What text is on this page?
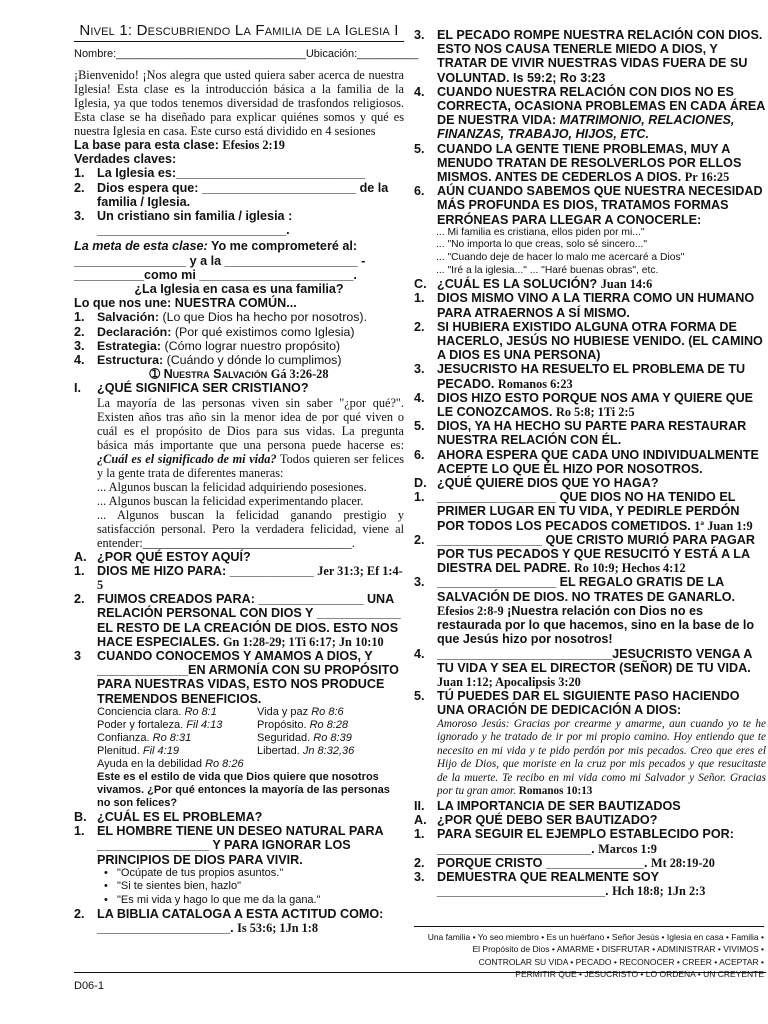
Nivel 1: Descubriendo La Familia de la Iglesia I
Nombre:_______________________________Ubicación:__________
¡Bienvenido! ¡Nos alegra que usted quiera saber acerca de nuestra Iglesia! Esta clase es la introducción básica a la familia de la Iglesia, ya que todos tenemos diversidad de trasfondos religiosos. Esta clase se ha diseñado para explicar quiénes somos y qué es nuestra Iglesia en casa. Este curso está dividido en 4 sesiones
La base para esta clase: Efesios 2:19
Verdades claves:
1. La Iglesia es:___________________________
2. Dios espera que: ______________________ de la familia / Iglesia.
3. Un cristiano sin familia / iglesia : ___________________________.
La meta de esta clase: Yo me comprometeré al:
________________ y a la ___________________ -
__________como mi ______________________.
¿La Iglesia en casa es una familia?
Lo que nos une: NUESTRA COMÚN...
1.	Salvación: (Lo que Dios ha hecho por nosotros).
2.	Declaración: (Por qué existimos como Iglesia)
3.	Estrategia: (Cómo lograr nuestro propósito)
4.	Estructura: (Cuándo y dónde lo cumplimos)
➀ Nuestra Salvación Gá 3:26-28
I.	¿QUÉ SIGNIFICA SER CRISTIANO?
La mayoría de las personas viven sin saber "¿por qué?". Existen años tras año sin la menor idea de por qué viven o cuál es el propósito de Dios para sus vidas. La pregunta básica más importante que una persona puede hacerse es: ¿Cuál es el significado de mi vida? Todos quieren ser felices y la gente trata de diferentes maneras:
... Algunos buscan la felicidad adquiriendo posesiones.
... Algunos buscan la felicidad experimentando placer.
... Algunos buscan la felicidad ganando prestigio y satisfacción personal. Pero la verdadera felicidad, viene al entender:__________________________________.
A. ¿POR QUÉ ESTOY AQUÍ?
1. DIOS ME HIZO PARA: ____________ Jer 31:3; Ef 1:4-5
2. FUIMOS CREADOS PARA: _______________ UNA RELACIÓN PERSONAL CON DIOS Y ____________ EL RESTO DE LA CREACIÓN DE DIOS. ESTO NOS HACE ESPECIALES. Gn 1:28-29; 1Ti 6:17; Jn 10:10
3	CUANDO CONOCEMOS Y AMAMOS A DIOS, Y _____________EN ARMONÍA CON SU PROPÓSITO PARA NUESTRAS VIDAS, ESTO NOS PRODUCE TREMENDOS BENEFICIOS.
Conciencia clara. Ro 8:1	Vida y paz Ro 8:6
Poder y fortaleza. Fil 4:13	Propósito. Ro 8:28
Confianza. Ro 8:31	Seguridad. Ro 8:39
Plenitud. Fil 4:19	Libertad. Jn 8:32,36
Ayuda en la debilidad Ro 8:26
Este es el estilo de vida que Dios quiere que nosotros vivamos. ¿Por qué entonces la mayoría de las personas no son felices?
B. ¿CUÁL ES EL PROBLEMA?
1. EL HOMBRE TIENE UN DESEO NATURAL PARA ________________ Y PARA IGNORAR LOS PRINCIPIOS DE DIOS PARA VIVIR.
•   "Ocúpate de tus propios asuntos."
•   "Si te sientes bien, hazlo"
•   "Es mi vida y hago lo que me da la gana."
2. LA BIBLIA CATALOGA A ESTA ACTITUD COMO: ___________________. Is 53:6; 1Jn 1:8
3. EL PECADO ROMPE NUESTRA RELACIÓN CON DIOS. ESTO NOS CAUSA TENERLE MIEDO A DIOS, Y TRATAR DE VIVIR NUESTRAS VIDAS FUERA DE SU VOLUNTAD. Is 59:2; Ro 3:23
4. CUANDO NUESTRA RELACIÓN CON DIOS NO ES CORRECTA, OCASIONA PROBLEMAS EN CADA ÁREA DE NUESTRA VIDA: MATRIMONIO, RELACIONES, FINANZAS, TRABAJO, HIJOS, ETC.
5. CUANDO LA GENTE TIENE PROBLEMAS, MUY A MENUDO TRATAN DE RESOLVERLOS POR ELLOS MISMOS. ANTES DE CEDERLOS A DIOS. Pr 16:25
6. AÚN CUANDO SABEMOS QUE NUESTRA NECESIDAD MÁS PROFUNDA ES DIOS, TRATAMOS FORMAS ERRÓNEAS PARA LLEGAR A CONOCERLE:
... Mi familia es cristiana, ellos piden por mi..."
... "No importa lo que creas, solo sé sincero..."
... "Cuando deje de hacer lo malo me acercaré a Dios"
... "Iré a la iglesia..." ... "Haré buenas obras", etc.
C. ¿CUÁL ES LA SOLUCIÓN? Juan 14:6
1. DIOS MISMO VINO A LA TIERRA COMO UN HUMANO PARA ATRAERNOS A SÍ MISMO.
2. SI HUBIERA EXISTIDO ALGUNA OTRA FORMA DE HACERLO, JESÚS NO HUBIESE VENIDO. (EL CAMINO A DIOS ES UNA PERSONA)
3. JESUCRISTO HA RESUELTO EL PROBLEMA DE TU PECADO. Romanos 6:23
4. DIOS HIZO ESTO PORQUE NOS AMA Y QUIERE QUE LE CONOZCAMOS. Ro 5:8; 1Ti 2:5
5. DIOS, YA HA HECHO SU PARTE PARA RESTAURAR NUESTRA RELACIÓN CON ÉL.
6. AHORA ESPERA QUE CADA UNO INDIVIDUALMENTE ACEPTE LO QUE ÉL HIZO POR NOSOTROS.
D. ¿QUÉ QUIERE DIOS QUE YO HAGA?
1. _________________ QUE DIOS NO HA TENIDO EL PRIMER LUGAR EN TU VIDA, Y PEDIRLE PERDÓN POR TODOS LOS PECADOS COMETIDOS. 1ª Juan 1:9
2. _______________ QUE CRISTO MURIÓ PARA PAGAR POR TUS PECADOS Y QUE RESUCITÓ Y ESTÁ A LA DIESTRA DEL PADRE. Ro 10:9; Hechos 4:12
3. _________________ EL REGALO GRATIS DE LA SALVACIÓN DE DIOS. NO TRATES DE GANARLO.
Efesios 2:8-9 ¡Nuestra relación con Dios no es restaurada por lo que hacemos, sino en la base de lo que Jesús hizo por nosotros!
4. _________________________JESUCRISTO VENGA A TU VIDA Y SEA EL DIRECTOR (SEÑOR) DE TU VIDA. Juan 1:12; Apocalipsis 3:20
5. TÚ PUEDES DAR EL SIGUIENTE PASO HACIENDO UNA ORACIÓN DE DEDICACIÓN A DIOS:
Amoroso Jesús: Gracias por crearme y amarme, aun cuando yo te he ignorado y he tratado de ir por mi propio camino. Hoy entiendo que te necesito en mi vida y te pido perdón por mis pecados. Creo que eres el Hijo de Dios, que moriste en la cruz por mis pecados y que resucitaste de la muerte. Te recibo en mi vida como mi Salvador y Señor. Gracias por tu gran amor. Romanos 10:13
II. LA IMPORTANCIA DE SER BAUTIZADOS
A. ¿POR QUÉ DEBO SER BAUTIZADO?
1. PARA SEGUIR EL EJEMPLO ESTABLECIDO POR: ______________________. Marcos 1:9
2. PORQUE CRISTO ______________. Mt 28:19-20
3. DEMUESTRA QUE REALMENTE SOY ________________________. Hch 18:8; 1Jn 2:3
Una familia • Yo seo miembro • Es un huérfano • Señor Jesús • Iglesia en casa • Familia •
El Propósito de Dios • AMARME • DISFRUTAR • ADMINISTRAR • VIVIMOS •
CONTROLAR SU VIDA • PECADO • RECONOCER • CREER • ACEPTAR •
PERMITIR QUE • JESUCRISTO • LO ORDENA • UN CREYENTE
D06-1
